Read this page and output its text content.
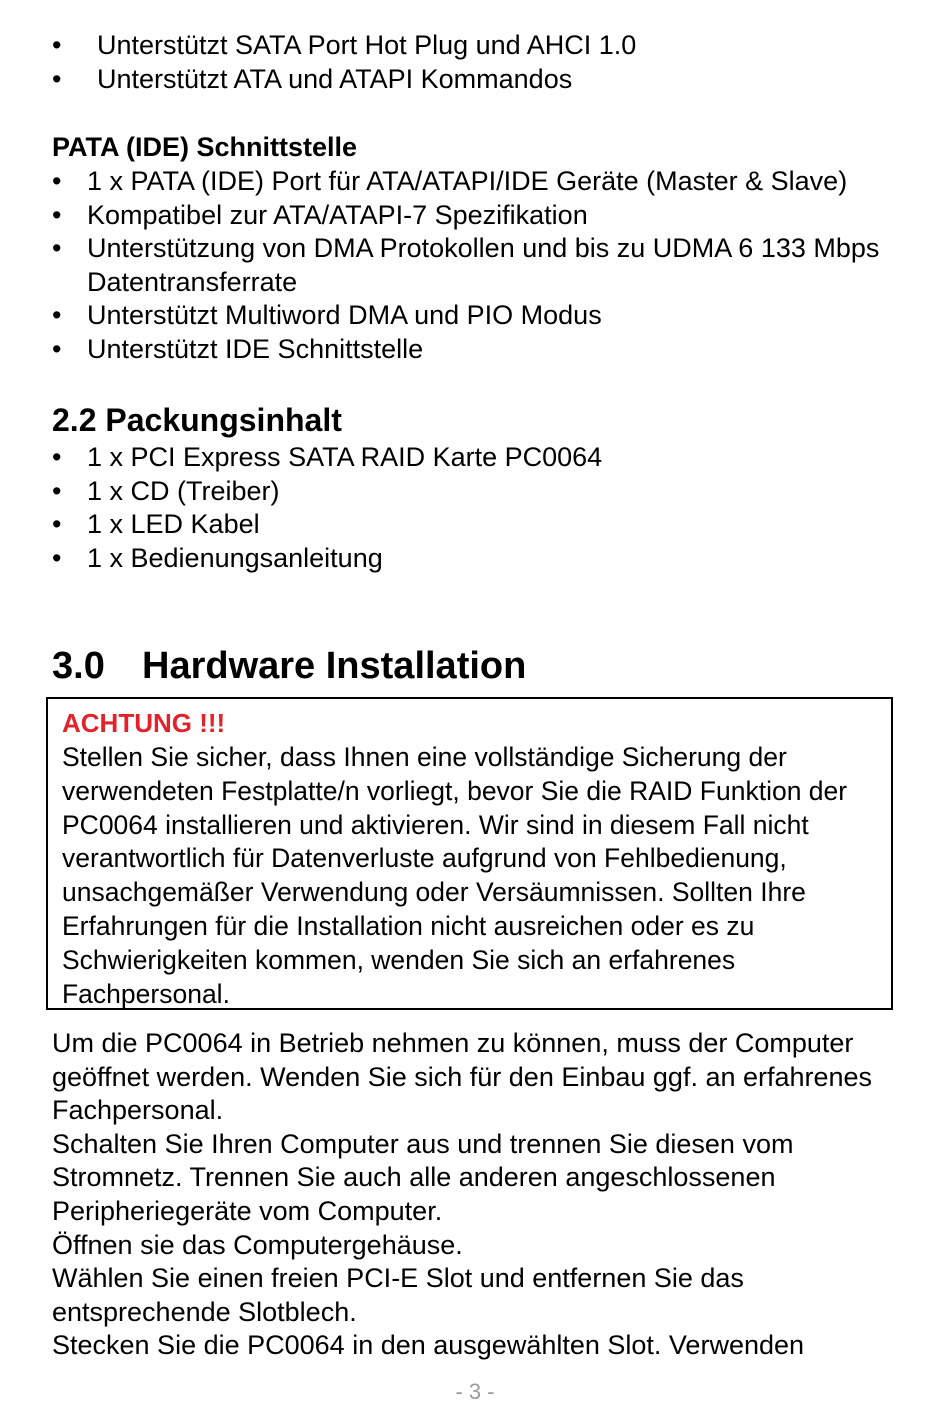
•	Unterstützt SATA Port Hot Plug und AHCI 1.0
•	Unterstützt ATA und ATAPI Kommandos
PATA (IDE) Schnittstelle
• 1 x PATA (IDE) Port für ATA/ATAPI/IDE Geräte (Master & Slave)
• Kompatibel zur ATA/ATAPI-7 Spezifikation
• Unterstützung von DMA Protokollen und bis zu UDMA 6 133 Mbps Datentransferrate
• Unterstützt Multiword DMA und PIO Modus
• Unterstützt IDE Schnittstelle
2.2 Packungsinhalt
• 1 x PCI Express SATA RAID Karte PC0064
• 1 x CD (Treiber)
• 1 x LED Kabel
• 1 x Bedienungsanleitung
3.0 Hardware Installation

ACHTUNG !!!

Stellen Sie sicher, dass Ihnen eine vollständige Sicherung der verwendeten Festplatte/n vorliegt, bevor Sie die RAID Funktion der PC0064 installieren und aktivieren. Wir sind in diesem Fall nicht verantwortlich für Datenverluste aufgrund von Fehlbedienung, unsachgemäßer Verwendung oder Versäumnissen. Sollten Ihre Erfahrungen für die Installation nicht ausreichen oder es zu Schwierigkeiten kommen, wenden Sie sich an erfahrenes Fachpersonal.

Um die PC0064 in Betrieb nehmen zu können, muss der Computer geöffnet werden. Wenden Sie sich für den Einbau ggf. an erfahrenes Fachpersonal.

Schalten Sie Ihren Computer aus und trennen Sie diesen vom Stromnetz. Trennen Sie auch alle anderen angeschlossenen Peripheriegeräte vom Computer.

Öffnen sie das Computergehäuse.

Wählen Sie einen freien PCI-E Slot und entfernen Sie das entsprechende Slotblech.

Stecken Sie die PC0064 in den ausgewählten Slot. Verwenden

- 3 -
